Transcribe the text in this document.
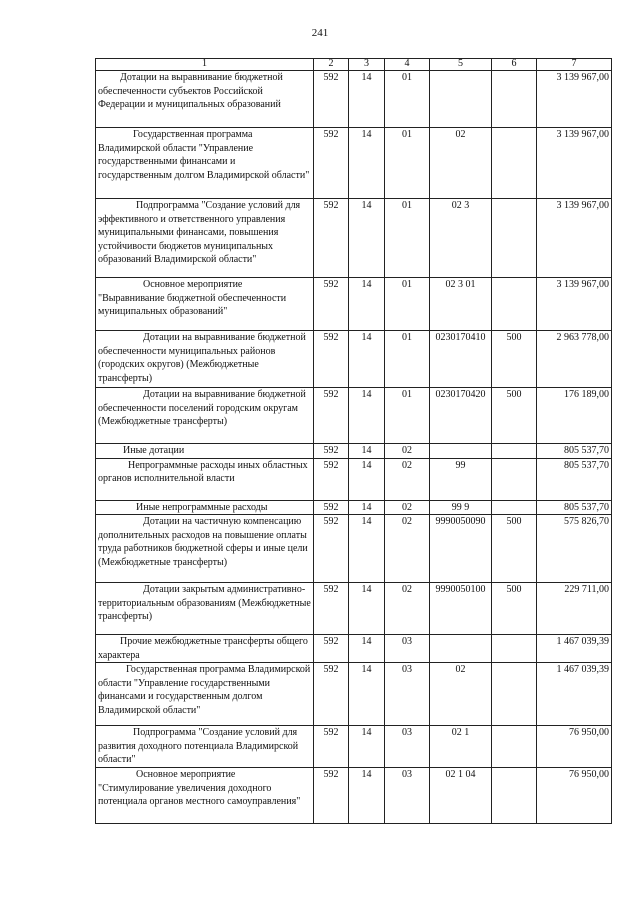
241
1	2	3	4	5	6	7

Дотации на выравнивание бюджетной обеспеченности субъектов Российской Федерации и муниципальных образований	592	14	01			3 139 967,00

Государственная программа Владимирской области "Управление государственными финансами и государственным долгом Владимирской области"	592	14	01	02		3 139 967,00

Подпрограмма "Создание условий для эффективного и ответственного управления муниципальными финансами, повышения устойчивости бюджетов муниципальных образований Владимирской области"	592	14	01	02 3		3 139 967,00

Основное мероприятие "Выравнивание бюджетной обеспеченности муниципальных образований"	592	14	01	02 3 01		3 139 967,00

Дотации на выравнивание бюджетной обеспеченности муниципальных районов (городских округов) (Межбюджетные трансферты)	592	14	01	0230170410	500	2 963 778,00

Дотации на выравнивание бюджетной обеспеченности поселений городским округам (Межбюджетные трансферты)	592	14	01	0230170420	500	176 189,00

Иные дотации	592	14	02			805 537,70

Непрограммные расходы иных областных органов исполнительной власти	592	14	02	99		805 537,70

Иные непрограммные расходы	592	14	02	99 9		805 537,70

Дотации на частичную компенсацию дополнительных расходов на повышение оплаты труда работников бюджетной сферы и иные цели (Межбюджетные трансферты)	592	14	02	9990050090	500	575 826,70

Дотации закрытым административно-территориальным образованиям (Межбюджетные трансферты)	592	14	02	9990050100	500	229 711,00

Прочие межбюджетные трансферты общего характера	592	14	03			1 467 039,39

Государственная программа Владимирской области "Управление государственными финансами и государственным долгом Владимирской области"	592	14	03	02		1 467 039,39

Подпрограмма "Создание условий для развития доходного потенциала Владимирской области"	592	14	03	02 1		76 950,00

Основное мероприятие "Стимулирование увеличения доходного потенциала органов местного самоуправления"	592	14	03	02 1 04		76 950,00
